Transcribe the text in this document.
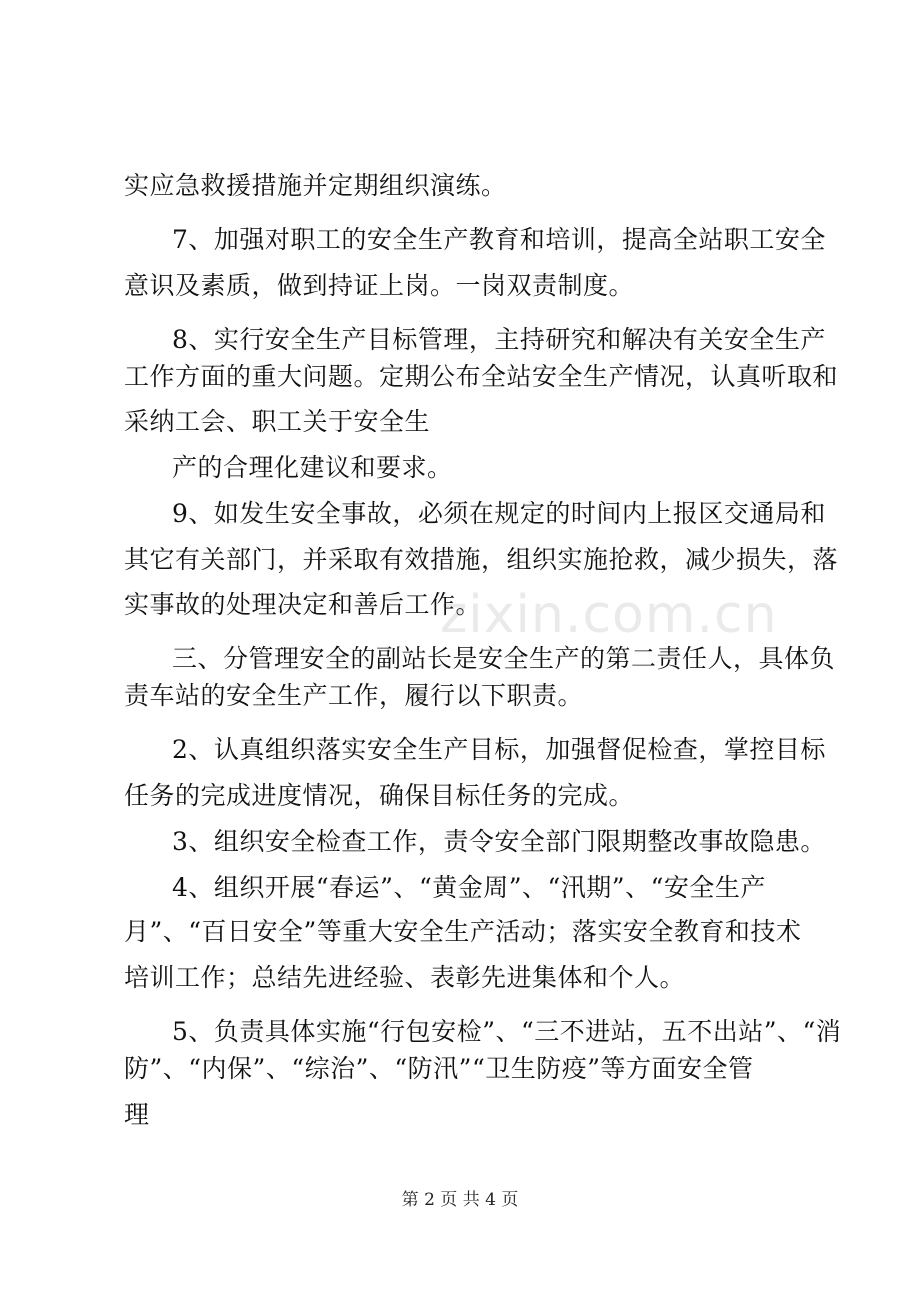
zixin.com.cn
实应急救援措施并定期组织演练。
7、加强对职工的安全生产教育和培训，提高全站职工安全
意识及素质，做到持证上岗。一岗双责制度。
8、实行安全生产目标管理，主持研究和解决有关安全生产
工作方面的重大问题。定期公布全站安全生产情况，认真听取和
采纳工会、职工关于安全生
产的合理化建议和要求。
9、如发生安全事故，必须在规定的时间内上报区交通局和
其它有关部门，并采取有效措施，组织实施抢救，减少损失，落
实事故的处理决定和善后工作。
三、分管理安全的副站长是安全生产的第二责任人，具体负
责车站的安全生产工作，履行以下职责。
2、认真组织落实安全生产目标，加强督促检查，掌控目标
任务的完成进度情况，确保目标任务的完成。
3、组织安全检查工作，责令安全部门限期整改事故隐患。
4、组织开展“春运”、“黄金周”、“汛期”、“安全生产
月”、“百日安全”等重大安全生产活动；落实安全教育和技术
培训工作；总结先进经验、表彰先进集体和个人。
5、负责具体实施“行包安检”、“三不进站，五不出站”、“消
防”、“内保”、“综治”、“防汛”“卫生防疫”等方面安全管
理
第 2 页 共 4 页
